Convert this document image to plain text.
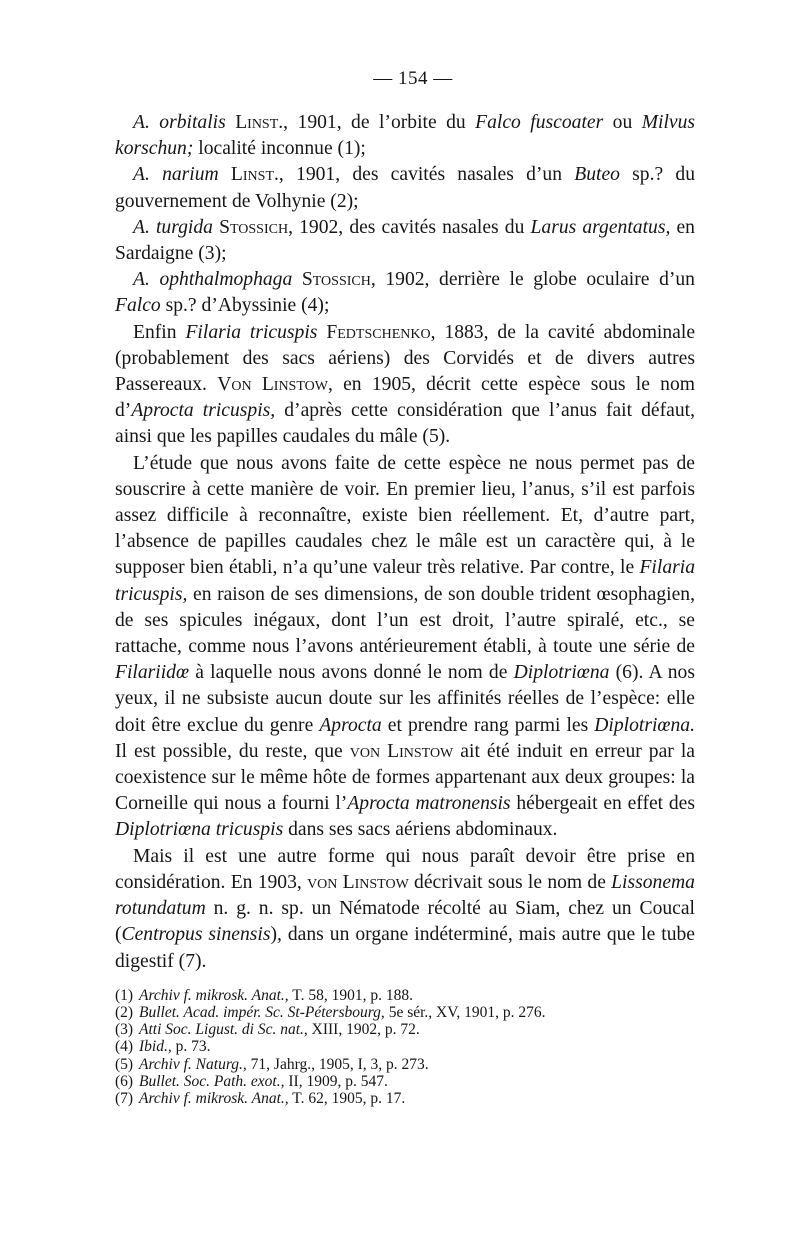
— 154 —

A. orbitalis Linst., 1901, de l’orbite du Falco fuscoater ou Milvus korschun; localité inconnue (1);

A. narium Linst., 1901, des cavités nasales d’un Buteo sp.? du gouvernement de Volhynie (2);

A. turgida Stossich, 1902, des cavités nasales du Larus argentatus, en Sardaigne (3);

A. ophthalmophaga Stossich, 1902, derrière le globe oculaire d’un Falco sp.? d’Abyssinie (4);

Enfin Filaria tricuspis Fedtschenko, 1883, de la cavité abdominale (probablement des sacs aériens) des Corvidés et de divers autres Passereaux. Von Linstow, en 1905, décrit cette espèce sous le nom d’Aprocta tricuspis, d’après cette considération que l’anus fait défaut, ainsi que les papilles caudales du mâle (5).

L’étude que nous avons faite de cette espèce ne nous permet pas de souscrire à cette manière de voir. En premier lieu, l’anus, s’il est parfois assez difficile à reconnaître, existe bien réellement. Et, d’autre part, l’absence de papilles caudales chez le mâle est un caractère qui, à le supposer bien établi, n’a qu’une valeur très relative. Par contre, le Filaria tricuspis, en raison de ses dimensions, de son double trident œsophagien, de ses spicules inégaux, dont l’un est droit, l’autre spiralé, etc., se rattache, comme nous l’avons antérieurement établi, à toute une série de Filariidœ à laquelle nous avons donné le nom de Diplotriœna (6). A nos yeux, il ne subsiste aucun doute sur les affinités réelles de l’espèce: elle doit être exclue du genre Aprocta et prendre rang parmi les Diplotriœna. Il est possible, du reste, que von Linstow ait été induit en erreur par la coexistence sur le même hôte de formes appartenant aux deux groupes: la Corneille qui nous a fourni l’Aprocta matronensis hébergeait en effet des Diplotriœna tricuspis dans ses sacs aériens abdominaux.

Mais il est une autre forme qui nous paraît devoir être prise en considération. En 1903, von Linstow décrivait sous le nom de Lissonema rotundatum n. g. n. sp. un Nématode récolté au Siam, chez un Coucal (Centropus sinensis), dans un organe indéterminé, mais autre que le tube digestif (7).

(1) Archiv f. mikrosk. Anat., T. 58, 1901, p. 188.
(2) Bullet. Acad. impér. Sc. St-Pétersbourg, 5e sér., XV, 1901, p. 276.
(3) Atti Soc. Ligust. di Sc. nat., XIII, 1902, p. 72.
(4) Ibid., p. 73.
(5) Archiv f. Naturg., 71, Jahrg., 1905, I, 3, p. 273.
(6) Bullet. Soc. Path. exot., II, 1909, p. 547.
(7) Archiv f. mikrosk. Anat., T. 62, 1905, p. 17.
